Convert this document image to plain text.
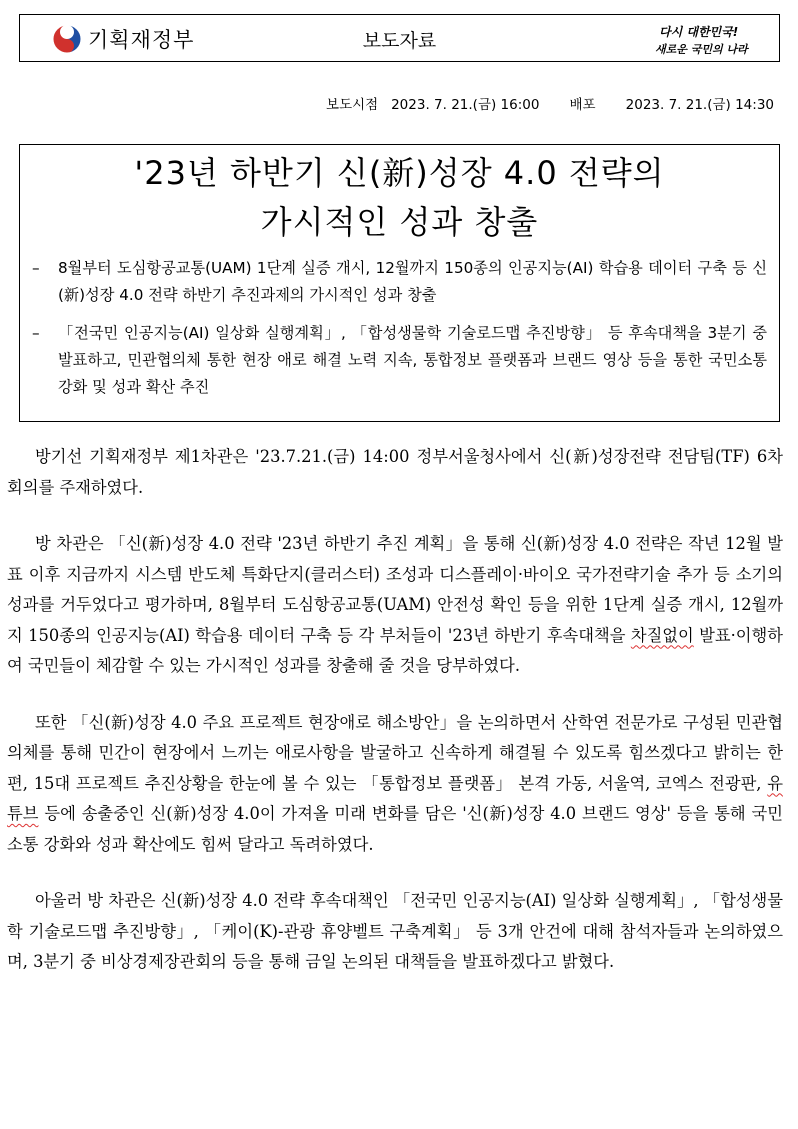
기획재정부	보도자료	다시 대한민국!
새로운 국민의 나라
보도시점 2023. 7. 21.(금) 16:00 배포 2023. 7. 21.(금) 14:30
'23년 하반기 신(新)성장 4.0 전략의
가시적인 성과 창출
– 8월부터 도심항공교통(UAM) 1단계 실증 개시, 12월까지 150종의 인공지능(AI) 학습용 데이터 구축 등 신(新)성장 4.0 전략 하반기 추진과제의 가시적인 성과 창출
– 「전국민 인공지능(AI) 일상화 실행계획」, 「합성생물학 기술로드맵 추진방향」 등 후속대책을 3분기 중 발표하고, 민관협의체 통한 현장 애로 해결 노력 지속, 통합정보 플랫폼과 브랜드 영상 등을 통한 국민소통 강화 및 성과 확산 추진

방기선 기획재정부 제1차관은 '23.7.21.(금) 14:00 정부서울청사에서 신(新)성장전략 전담팀(TF) 6차 회의를 주재하였다.

방 차관은 「신(新)성장 4.0 전략 '23년 하반기 추진 계획」을 통해 신(新)성장 4.0 전략은 작년 12월 발표 이후 지금까지 시스템 반도체 특화단지(클러스터) 조성과 디스플레이·바이오 국가전략기술 추가 등 소기의 성과를 거두었다고 평가하며, 8월부터 도심항공교통(UAM) 안전성 확인 등을 위한 1단계 실증 개시, 12월까지 150종의 인공지능(AI) 학습용 데이터 구축 등 각 부처들이 '23년 하반기 후속대책을 차질없이 발표·이행하여 국민들이 체감할 수 있는 가시적인 성과를 창출해 줄 것을 당부하였다.

또한 「신(新)성장 4.0 주요 프로젝트 현장애로 해소방안」을 논의하면서 산학연 전문가로 구성된 민관협의체를 통해 민간이 현장에서 느끼는 애로사항을 발굴하고 신속하게 해결될 수 있도록 힘쓰겠다고 밝히는 한편, 15대 프로젝트 추진상황을 한눈에 볼 수 있는 「통합정보 플랫폼」 본격 가동, 서울역, 코엑스 전광판, 유튜브 등에 송출중인 신(新)성장 4.0이 가져올 미래 변화를 담은 '신(新)성장 4.0 브랜드 영상' 등을 통해 국민소통 강화와 성과 확산에도 힘써 달라고 독려하였다.

아울러 방 차관은 신(新)성장 4.0 전략 후속대책인 「전국민 인공지능(AI) 일상화 실행계획」, 「합성생물학 기술로드맵 추진방향」, 「케이(K)-관광 휴양벨트 구축계획」 등 3개 안건에 대해 참석자들과 논의하였으며, 3분기 중 비상경제장관회의 등을 통해 금일 논의된 대책들을 발표하겠다고 밝혔다.
